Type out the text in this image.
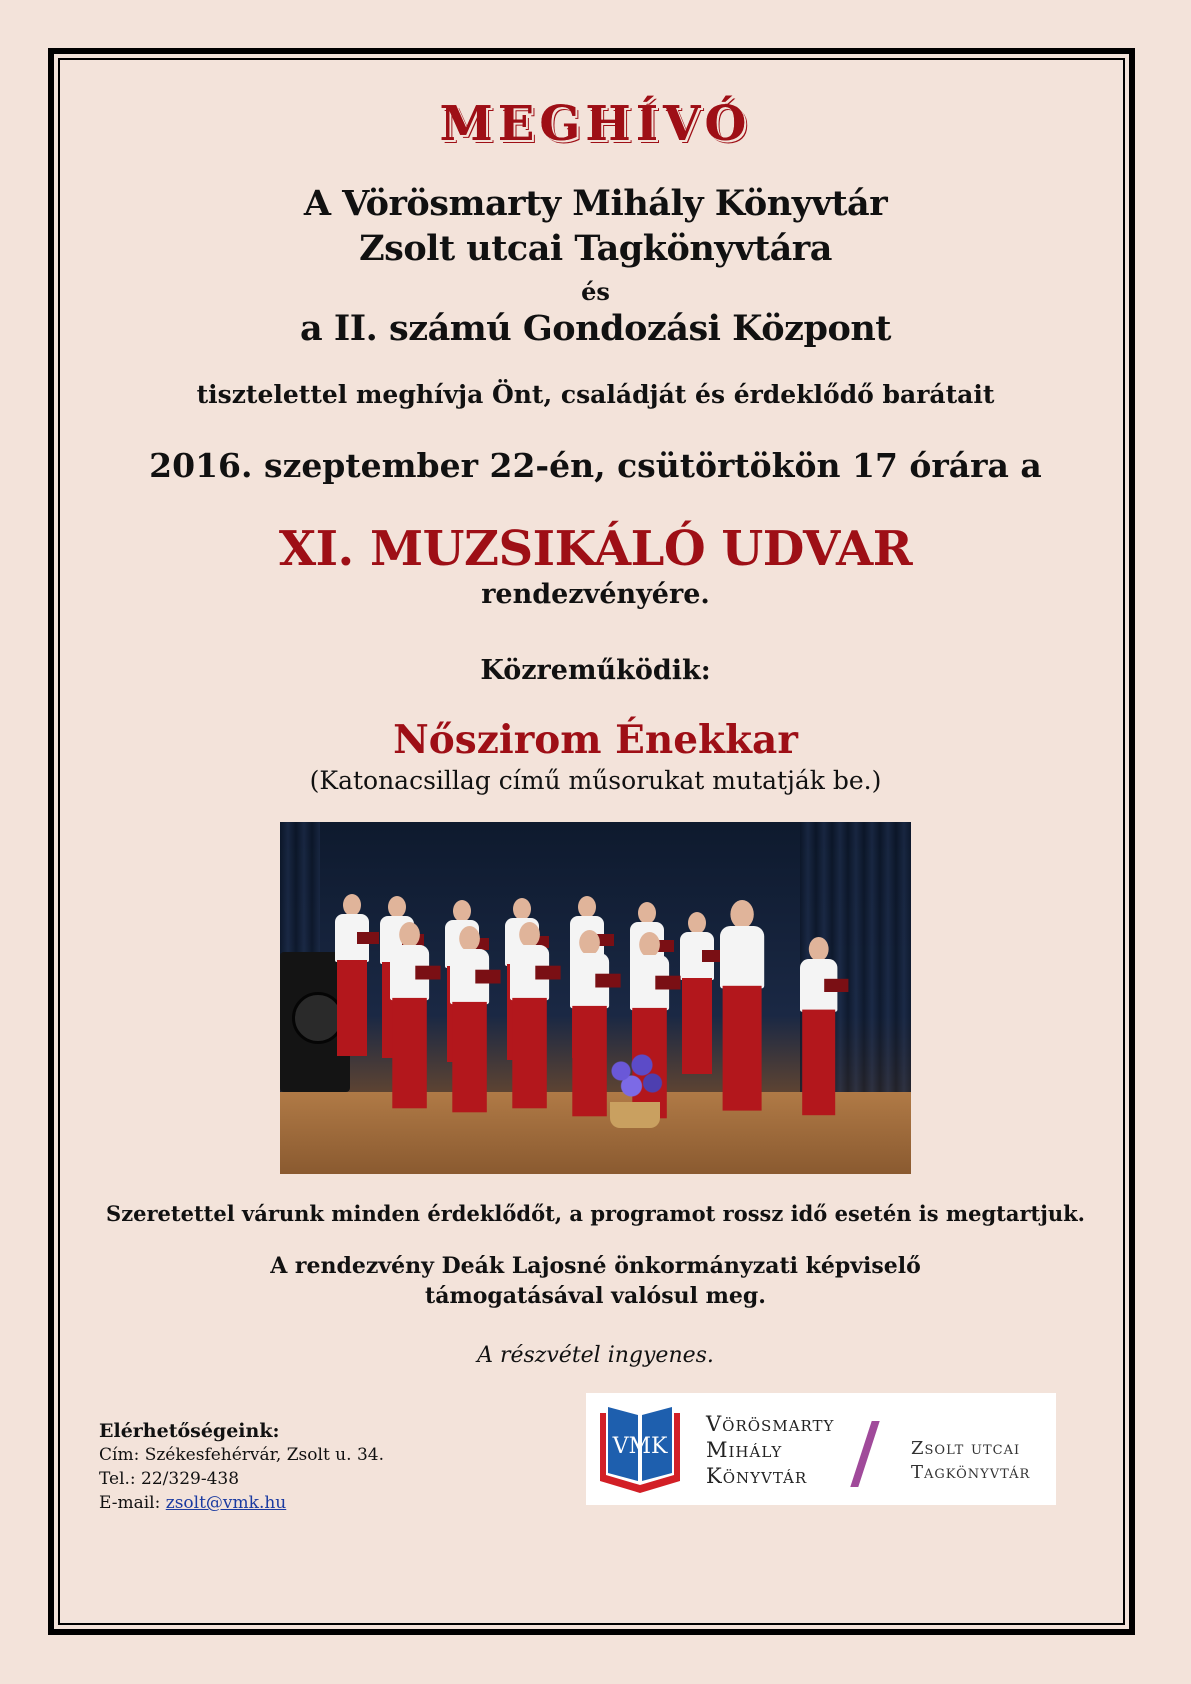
MEGHÍVÓ

A Vörösmarty Mihály Könyvtár

Zsolt utcai Tagkönyvtára

és

a II. számú Gondozási Központ

tisztelettel meghívja Önt, családját és érdeklődő barátait

2016. szeptember 22-én, csütörtökön 17 órára a

XI. MUZSIKÁLÓ UDVAR

rendezvényére.

Közreműködik:

Nőszirom Énekkar

(Katonacsillag című műsorukat mutatják be.)

Szeretettel várunk minden érdeklődőt, a programot rossz idő esetén is megtartjuk.

A rendezvény Deák Lajosné önkormányzati képviselő

támogatásával valósul meg.

A részvétel ingyenes.

Elérhetőségeink:
Cím: Székesfehérvár, Zsolt u. 34.
Tel.: 22/329-438
E-mail: zsolt@vmk.hu
VMK
Vörösmarty
Mihály
Könyvtár
Zsolt utcai
Tagkönyvtár
